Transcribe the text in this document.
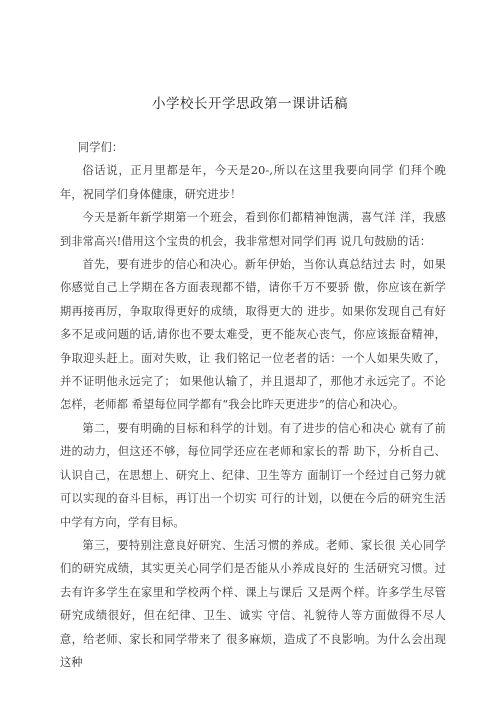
小学校长开学思政第一课讲话稿

同学们：

俗话说，正月里都是年，今天是20-,所以在这里我要向同学 们拜个晚年，祝同学们身体健康，研究进步！

今天是新年新学期第一个班会，看到你们都精神饱满，喜气洋 洋，我感到非常高兴!借用这个宝贵的机会，我非常想对同学们再 说几句鼓励的话：

首先，要有进步的信心和决心。新年伊始，当你认真总结过去 时，如果你感觉自己上学期在各方面表现都不错，请你千万不要骄 傲，你应该在新学期再接再厉，争取取得更好的成绩，取得更大的 进步。如果你发现自己有好多不足或问题的话,请你也不要太难受，更不能灰心丧气，你应该振奋精神，争取迎头赶上。面对失败，让 我们铭记一位老者的话：一个人如果失败了，并不证明他永远完了； 如果他认输了，并且退却了，那他才永远完了。不论怎样，老师都 希望每位同学都有“我会比昨天更进步”的信心和决心。

第二，要有明确的目标和科学的计划。有了进步的信心和决心 就有了前进的动力，但这还不够，每位同学还应在老师和家长的帮 助下，分析自己、认识自己，在思想上、研究上、纪律、卫生等方 面制订一个经过自己努力就可以实现的奋斗目标，再订出一个切实 可行的计划，以便在今后的研究生活中学有方向，学有目标。

第三，要特别注意良好研究、生活习惯的养成。老师、家长很 关心同学们的研究成绩，其实更关心同学们是否能从小养成良好的 生活研究习惯。过去有许多学生在家里和学校两个样、课上与课后 又是两个样。许多学生尽管研究成绩很好，但在纪律、卫生、诚实 守信、礼貌待人等方面做得不尽人意，给老师、家长和同学带来了 很多麻烦，造成了不良影响。为什么会出现这种
